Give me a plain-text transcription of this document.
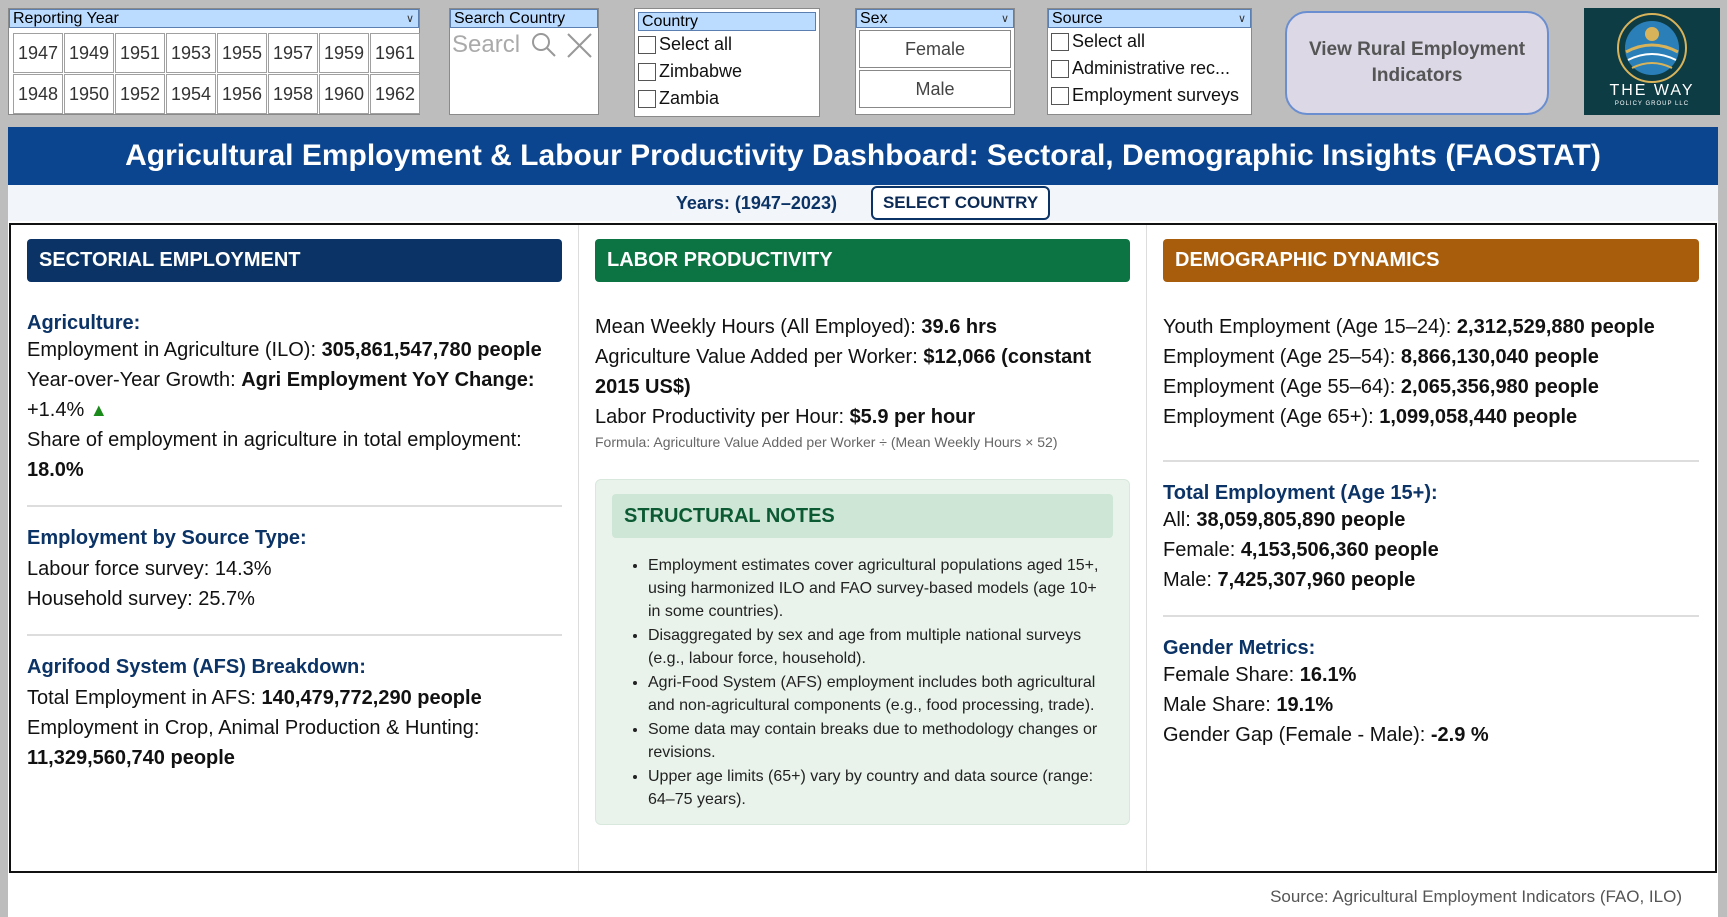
Reporting Year	∨
1947 1949 1951 1953 1955 1957 1959 1961
1948 1950 1952 1954 1956 1958 1960 1962
Search Country
Searcl
Country
Select all
Zimbabwe
Zambia
Sex	∨
Female
Male
Source	∨
Select all
Administrative rec...
Employment surveys
View Rural Employment Indicators
THE WAY
POLICY GROUP LLC
Agricultural Employment & Labour Productivity Dashboard: Sectoral, Demographic Insights (FAOSTAT)
Years: (1947–2023)	SELECT COUNTRY
SECTORIAL EMPLOYMENT
Agriculture:
Employment in Agriculture (ILO): 305,861,547,780 people
Year-over-Year Growth: Agri Employment YoY Change:
+1.4% ▲
Share of employment in agriculture in total employment: 18.0%
Employment by Source Type:
Labour force survey: 14.3%
Household survey: 25.7%
Agrifood System (AFS) Breakdown:
Total Employment in AFS: 140,479,772,290 people
Employment in Crop, Animal Production & Hunting:
11,329,560,740 people
LABOR PRODUCTIVITY
Mean Weekly Hours (All Employed): 39.6 hrs
Agriculture Value Added per Worker: $12,066 (constant 2015 US$)
Labor Productivity per Hour: $5.9 per hour
Formula: Agriculture Value Added per Worker ÷ (Mean Weekly Hours × 52)
STRUCTURAL NOTES
• Employment estimates cover agricultural populations aged 15+, using harmonized ILO and FAO survey-based models (age 10+ in some countries).
• Disaggregated by sex and age from multiple national surveys (e.g., labour force, household).
• Agri-Food System (AFS) employment includes both agricultural and non-agricultural components (e.g., food processing, trade).
• Some data may contain breaks due to methodology changes or revisions.
• Upper age limits (65+) vary by country and data source (range: 64–75 years).
DEMOGRAPHIC DYNAMICS
Youth Employment (Age 15–24): 2,312,529,880 people
Employment (Age 25–54): 8,866,130,040 people
Employment (Age 55–64): 2,065,356,980 people
Employment (Age 65+): 1,099,058,440 people
Total Employment (Age 15+):
All: 38,059,805,890 people
Female: 4,153,506,360 people
Male: 7,425,307,960 people
Gender Metrics:
Female Share: 16.1%
Male Share: 19.1%
Gender Gap (Female - Male): -2.9 %
Source: Agricultural Employment Indicators (FAO, ILO)
